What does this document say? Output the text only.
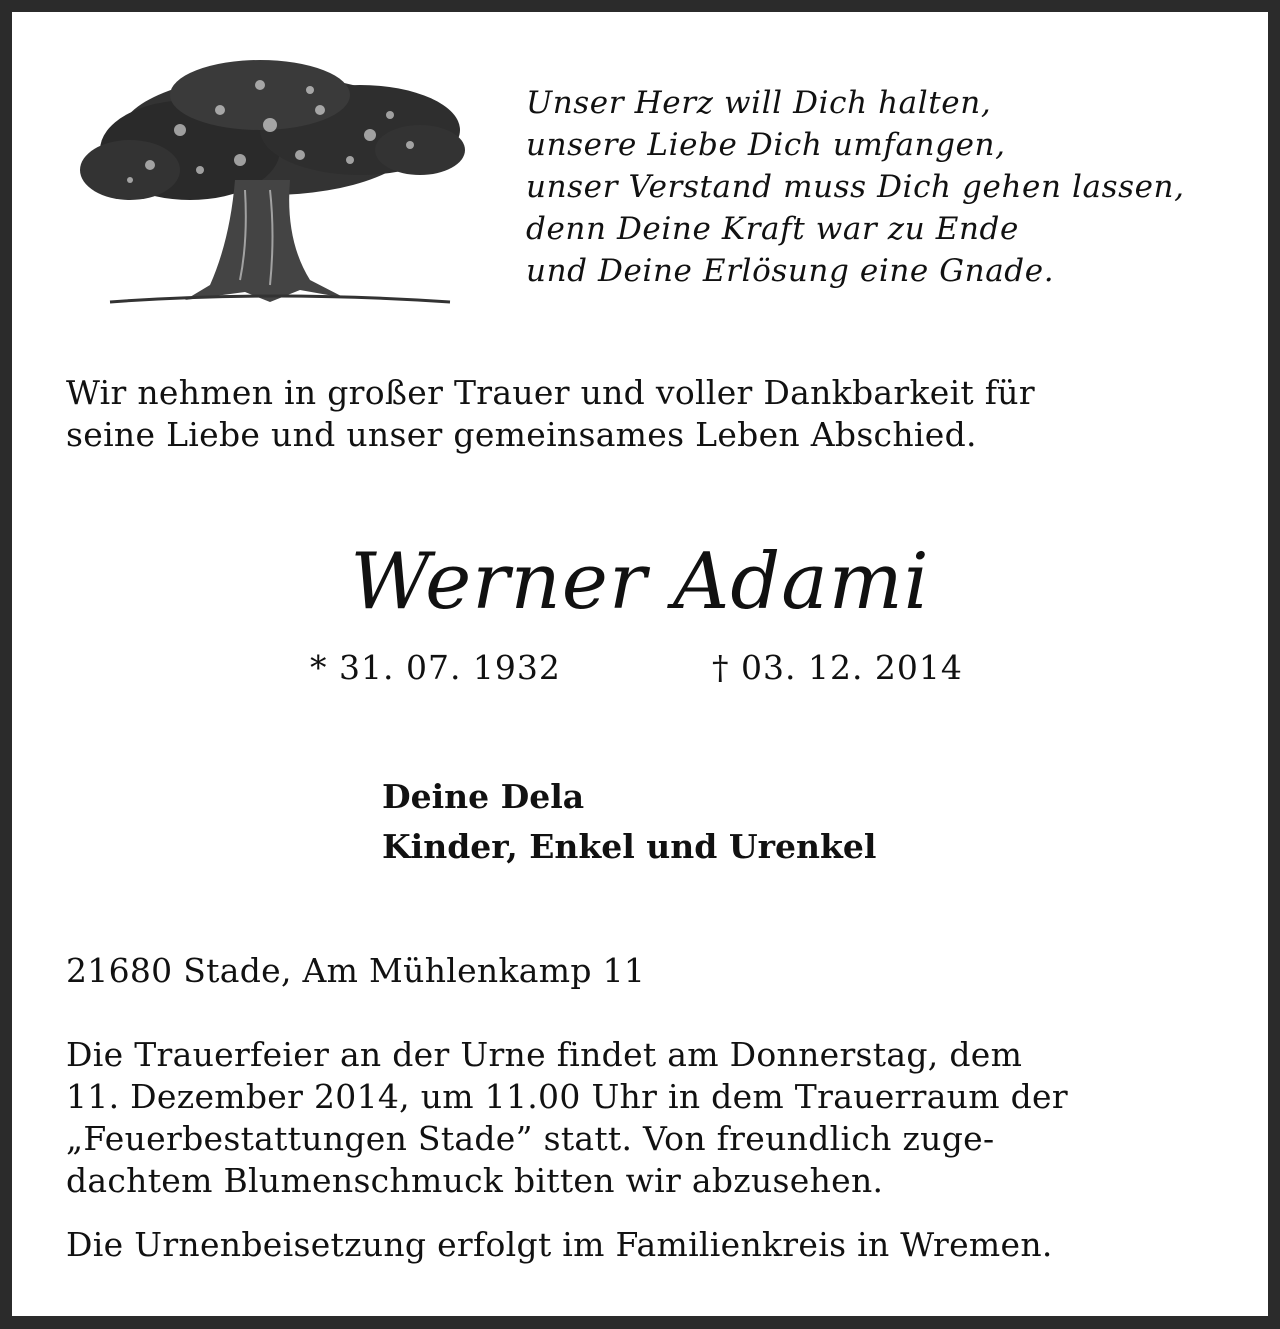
Unser Herz will Dich halten,
unsere Liebe Dich umfangen,
unser Verstand muss Dich gehen lassen,
denn Deine Kraft war zu Ende
und Deine Erlösung eine Gnade.
Wir nehmen in großer Trauer und voller Dankbarkeit für
seine Liebe und unser gemeinsames Leben Abschied.
Werner Adami
* 31. 07. 1932	† 03. 12. 2014
Deine Dela
Kinder, Enkel und Urenkel
21680 Stade, Am Mühlenkamp 11
Die Trauerfeier an der Urne findet am Donnerstag, dem
11. Dezember 2014, um 11.00 Uhr in dem Trauerraum der
„Feuerbestattungen Stade” statt. Von freundlich zuge-
dachtem Blumenschmuck bitten wir abzusehen.
Die Urnenbeisetzung erfolgt im Familienkreis in Wremen.
